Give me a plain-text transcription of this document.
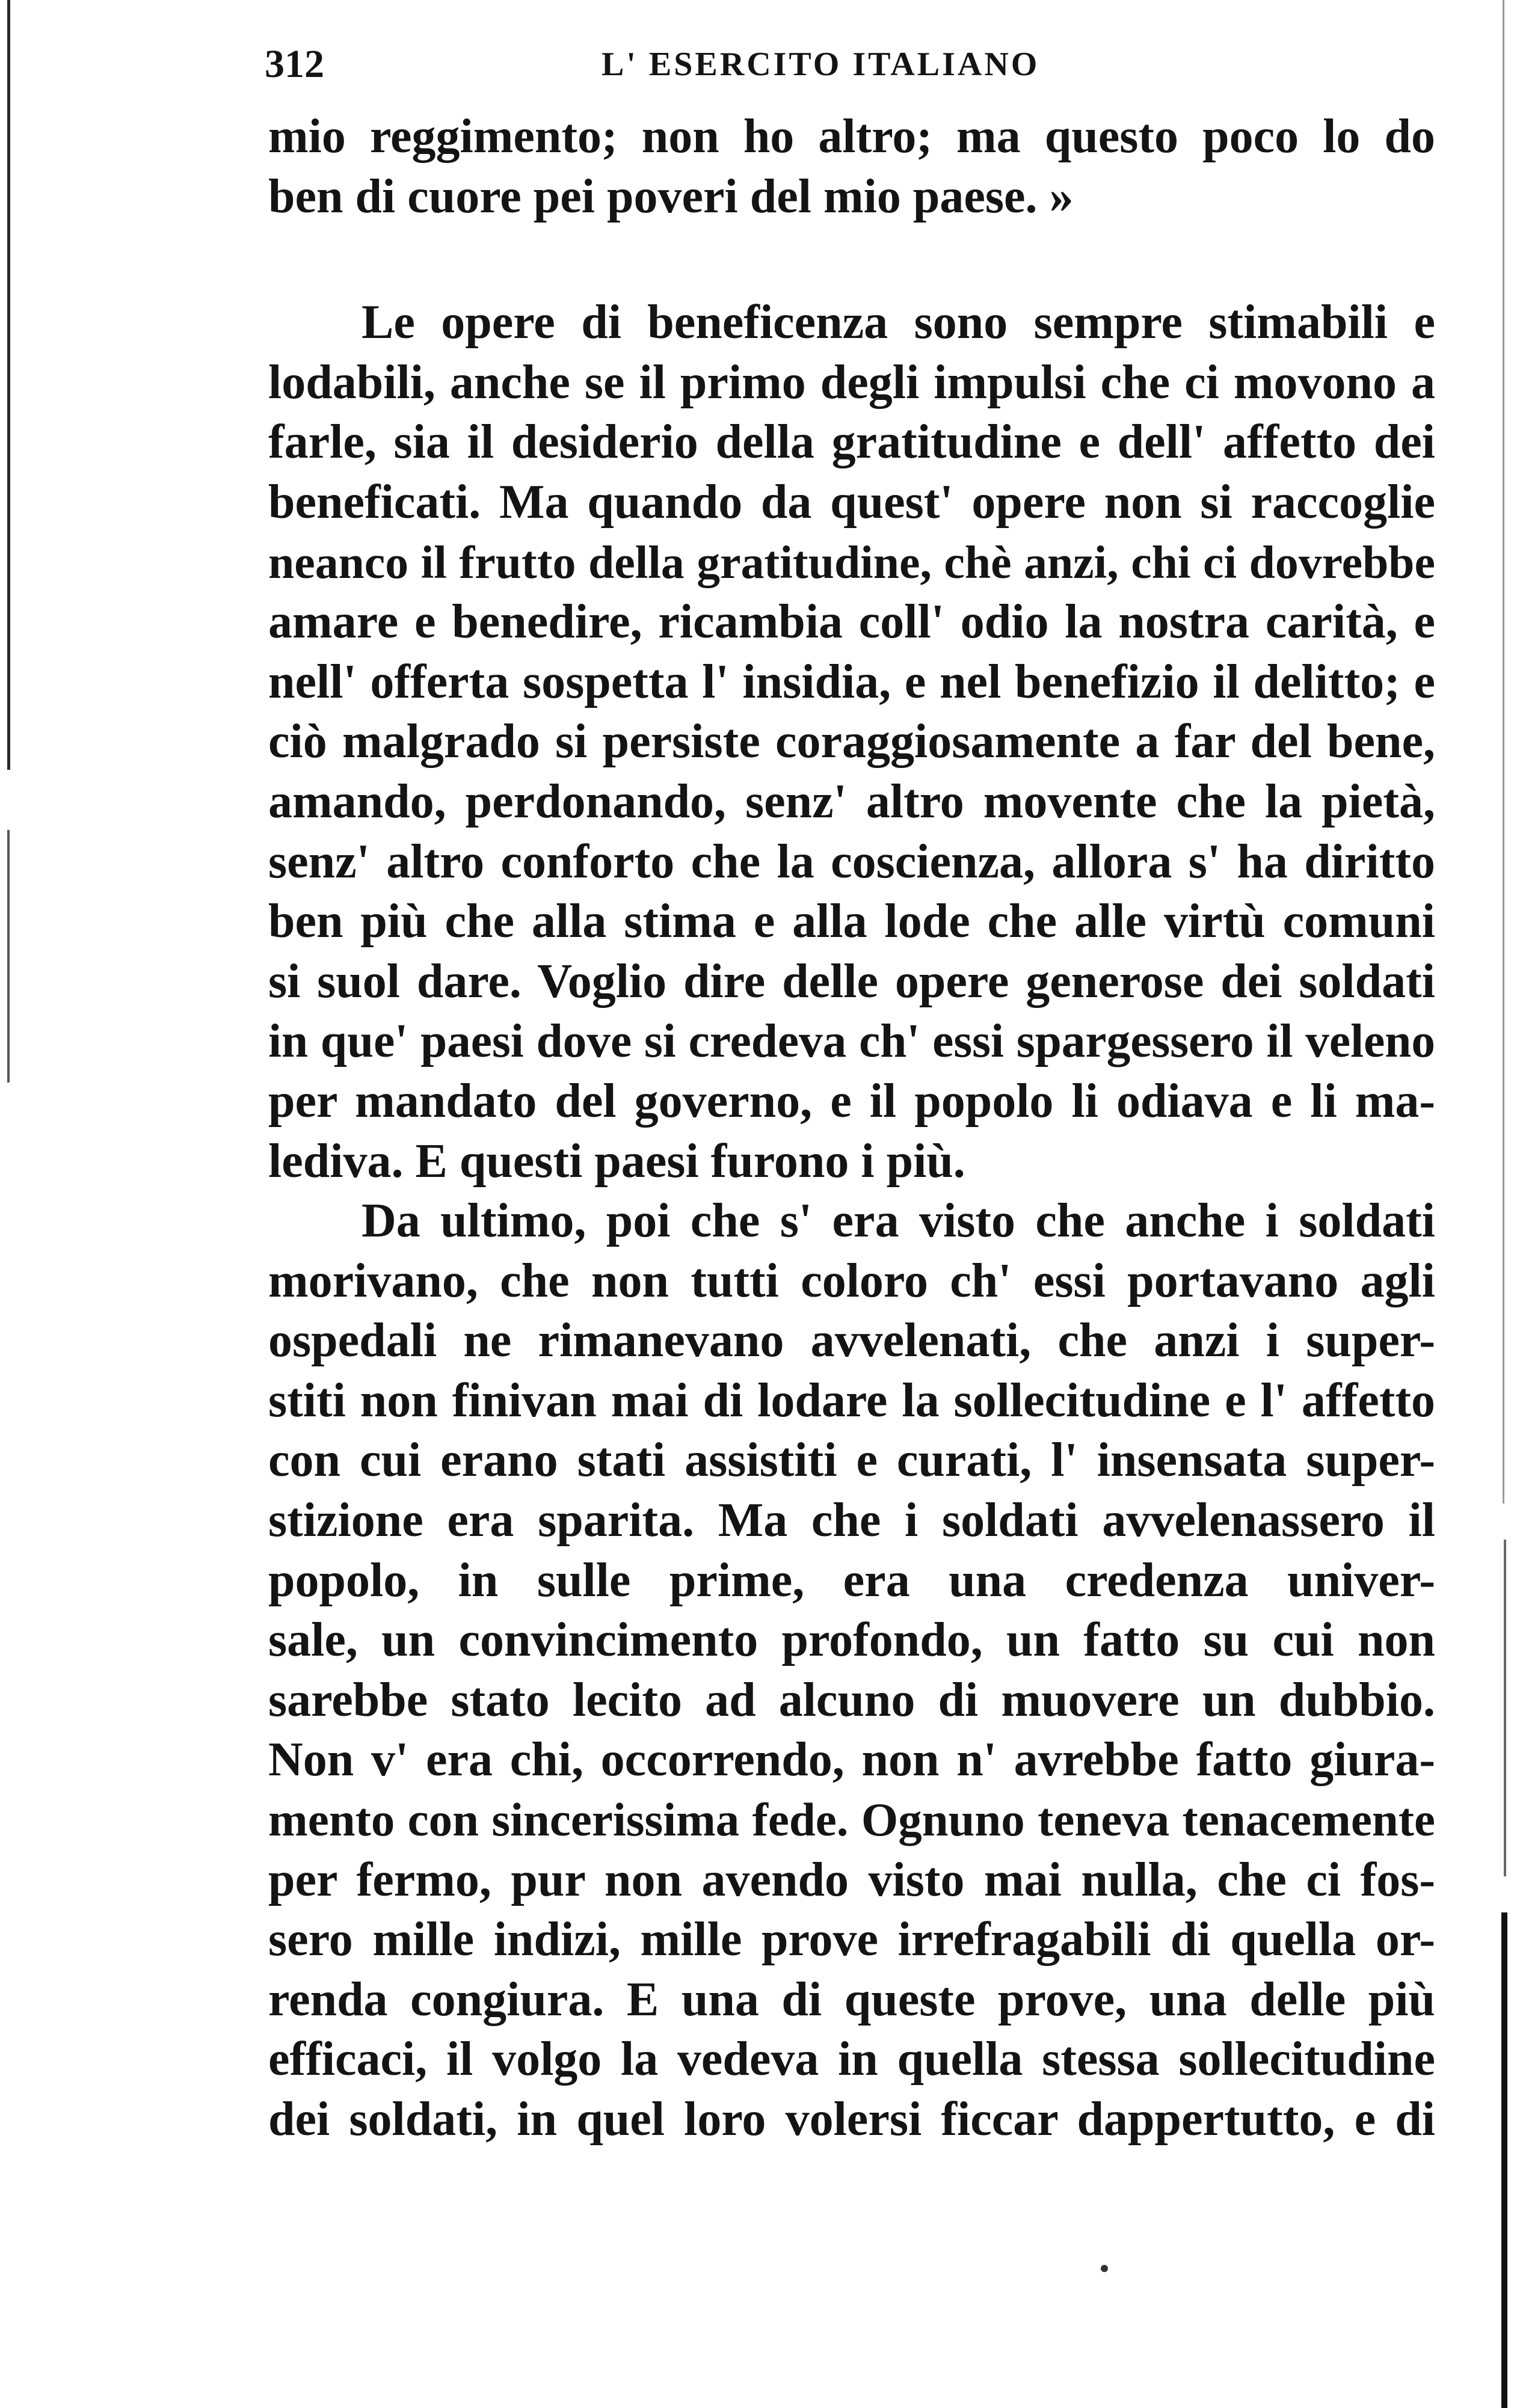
312	L' ESERCITO ITALIANO
mio reggimento; non ho altro; ma questo poco lo do
ben di cuore pei poveri del mio paese. »
Le opere di beneficenza sono sempre stimabili e
lodabili, anche se il primo degli impulsi che ci movono a
farle, sia il desiderio della gratitudine e dell' affetto dei
beneficati. Ma quando da quest' opere non si raccoglie
neanco il frutto della gratitudine, chè anzi, chi ci dovrebbe
amare e benedire, ricambia coll' odio la nostra carità, e
nell' offerta sospetta l' insidia, e nel benefizio il delitto; e
ciò malgrado si persiste coraggiosamente a far del bene,
amando, perdonando, senz' altro movente che la pietà,
senz' altro conforto che la coscienza, allora s' ha diritto
ben più che alla stima e alla lode che alle virtù comuni
si suol dare. Voglio dire delle opere generose dei soldati
in que' paesi dove si credeva ch' essi spargessero il veleno
per mandato del governo, e il popolo li odiava e li ma-
lediva. E questi paesi furono i più.
Da ultimo, poi che s' era visto che anche i soldati
morivano, che non tutti coloro ch' essi portavano agli
ospedali ne rimanevano avvelenati, che anzi i super-
stiti non finivan mai di lodare la sollecitudine e l' affetto
con cui erano stati assistiti e curati, l' insensata super-
stizione era sparita. Ma che i soldati avvelenassero il
popolo, in sulle prime, era una credenza univer-
sale, un convincimento profondo, un fatto su cui non
sarebbe stato lecito ad alcuno di muovere un dubbio.
Non v' era chi, occorrendo, non n' avrebbe fatto giura-
mento con sincerissima fede. Ognuno teneva tenacemente
per fermo, pur non avendo visto mai nulla, che ci fos-
sero mille indizi, mille prove irrefragabili di quella or-
renda congiura. E una di queste prove, una delle più
efficaci, il volgo la vedeva in quella stessa sollecitudine
dei soldati, in quel loro volersi ficcar dappertutto, e di
